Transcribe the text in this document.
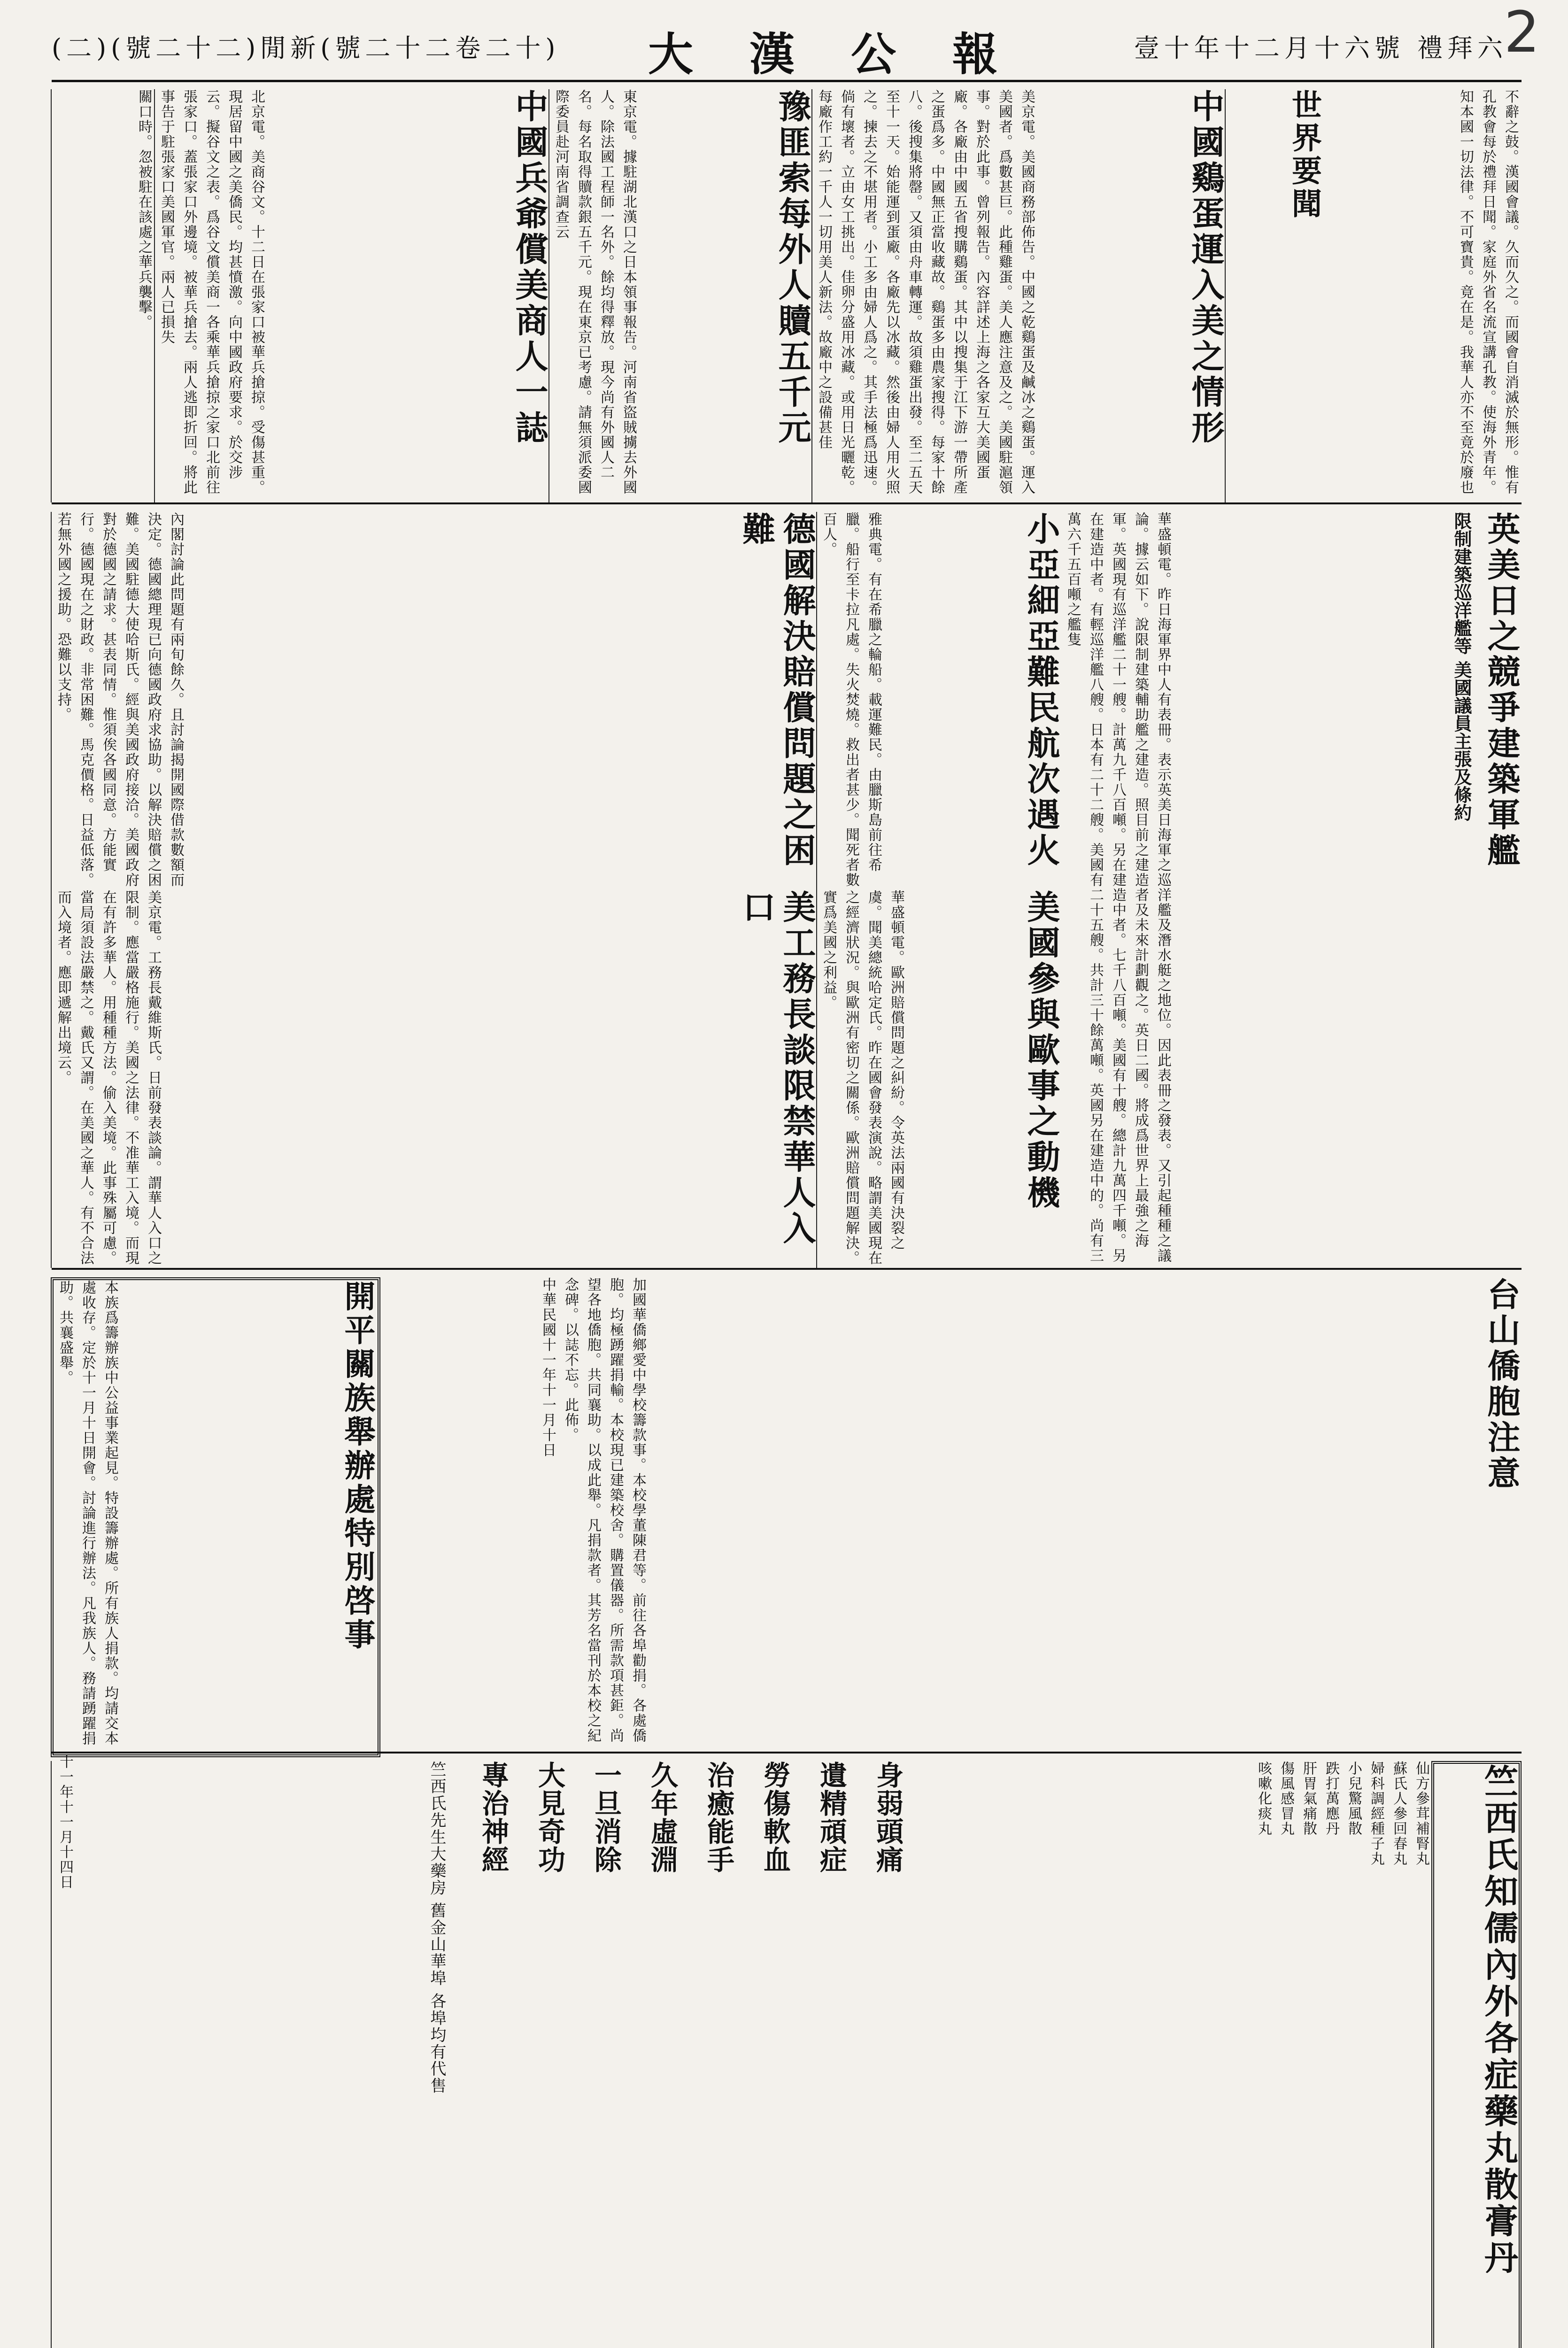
2
(二)(號二十二)閒新(號二十二卷二十) 大漢公報	壹十年十二月十六號 禮拜六
不辭之鼓。漢國會議。久而久之。而國會自消滅於無形。惟有孔教會每於禮拜日聞。家庭外省名流宣講孔教。使海外青年。知本國一切法律。不可寶貴。竟在是。我華人亦不至竟於廢也
世界要聞
中國鷄蛋運入美之情形
美京電。美國商務部佈告。中國之乾鷄蛋及鹹冰之鷄蛋。運入美國者。爲數甚巨。此種雞蛋。美人應注意及之。美國駐滬領事。對於此事。曾列報告。內容詳述上海之各家互大美國蛋廠。各廠由中國五省搜購鷄蛋。其中以搜集于江下游一帶所產之蛋爲多。中國無正當收藏故。鷄蛋多由農家搜得。每家十餘八。後搜集將罄。又須由舟車轉運。故須雞蛋出發。至二五天至十一天。始能運到蛋廠。各廠先以冰藏。然後由婦人用火照之。揀去之不堪用者。小工多由婦人爲之。其手法極爲迅速。倘有壞者。立由女工挑出。佳卵分盛用冰藏。或用日光曬乾。每廠作工約一千人一切用美人新法。故廠中之設備甚佳
豫匪索每外人贖五千元
東京電。據駐湖北漢口之日本領事報告。河南省盜賊擄去外國人。除法國工程師一名外。餘均得釋放。現今尚有外國人二名。每名取得贖款銀五千元。現在東京已考慮。請無須派委國際委員赴河南省調查云
中國兵爺償美商人一誌
北京電。美商谷文。十二日在張家口被華兵搶掠。受傷甚重。現居留中國之美僑民。均甚憤激。向中國政府要求。於交涉云。擬谷文之表。爲谷文償美商一各乘華兵搶掠之家口北前往張家口。蓋張家口外邊境。被華兵搶去。兩人逃即折回。將此事告于駐張家口美國軍官。兩人已損失
關口時。忽被駐在該處之華兵襲擊。
英美日之競爭建築軍艦
限制建築巡洋艦等 美國議員主張及條約
華盛頓電。昨日海軍界中人有表冊。表示英美日海軍之巡洋艦及潛水艇之地位。因此表冊之發表。又引起種種之議論。據云如下。說限制建築輔助艦之建造。照目前之建造者及未來計劃觀之。英日二國。將成爲世界上最強之海軍。英國現有巡洋艦二十一艘。計萬九千八百噸。另在建造中者。七千八百噸。美國有十艘。總計九萬四千噸。另在建造中者。有輕巡洋艦八艘。日本有二十二艘。美國有二十五艘。共計三十餘萬噸。英國另在建造中的。尚有三萬六千五百噸之艦隻
小亞細亞難民航次遇火
雅典電。有在希臘之輪船。載運難民。由臘斯島前往希臘。船行至卡拉凡處。失火焚燒。救出者甚少。聞死者數百人。
美國參與歐事之動機
華盛頓電。歐洲賠償問題之糾紛。令英法兩國有決裂之虞。聞美總統哈定氏。昨在國會發表演說。略謂美國現在之經濟狀況。與歐洲有密切之關係。歐洲賠償問題解決。實爲美國之利益。
德國解決賠償問題之困難
內閣討論此問題有兩旬餘久。且討論揭開國際借款數額而決定。德國總理現已向德國政府求協助。以解決賠償之困難。美國駐德大使哈斯氏。經與美國政府接洽。美國政府對於德國之請求。甚表同情。惟須俟各國同意。方能實行。德國現在之財政。非常困難。馬克價格。日益低落。若無外國之援助。恐難以支持。
美工務長談限禁華人入口
美京電。工務長戴維斯氏。日前發表談論。謂華人入口之限制。應當嚴格施行。美國之法律。不准華工入境。而現在有許多華人。用種種方法。偷入美境。此事殊屬可慮。當局須設法嚴禁之。戴氏又謂。在美國之華人。有不合法而入境者。應即遞解出境云。
台山僑胞注意
加國華僑鄉愛中學校籌款事。本校學董陳君等。前往各埠勸捐。各處僑胞。均極踴躍捐輸。本校現已建築校舍。購置儀器。所需款項甚鉅。尚望各地僑胞。共同襄助。以成此舉。凡捐款者。其芳名當刊於本校之紀念碑。以誌不忘。此佈。
中華民國十一年十一月十日
開平關族舉辦處特別啓事
本族爲籌辦族中公益事業起見。特設籌辦處。所有族人捐款。均請交本處收存。定於十一月十日開會。討論進行辦法。凡我族人。務請踴躍捐助。共襄盛舉。
十一年十一月十四日	竺西氏知儒內外各症藥丸散膏丹
仙方參茸補腎丸
蘇氏人參回春丸
婦科調經種子丸
小兒驚風散
跌打萬應丹
肝胃氣痛散
傷風感冒丸
咳嗽化痰丸
身弱頭痛
遺精頑症
勞傷軟血
治癒能手
久年虛淵
一旦消除
大見奇功
專治神經
竺西氏先生大藥房 舊金山華埠 各埠均有代售
